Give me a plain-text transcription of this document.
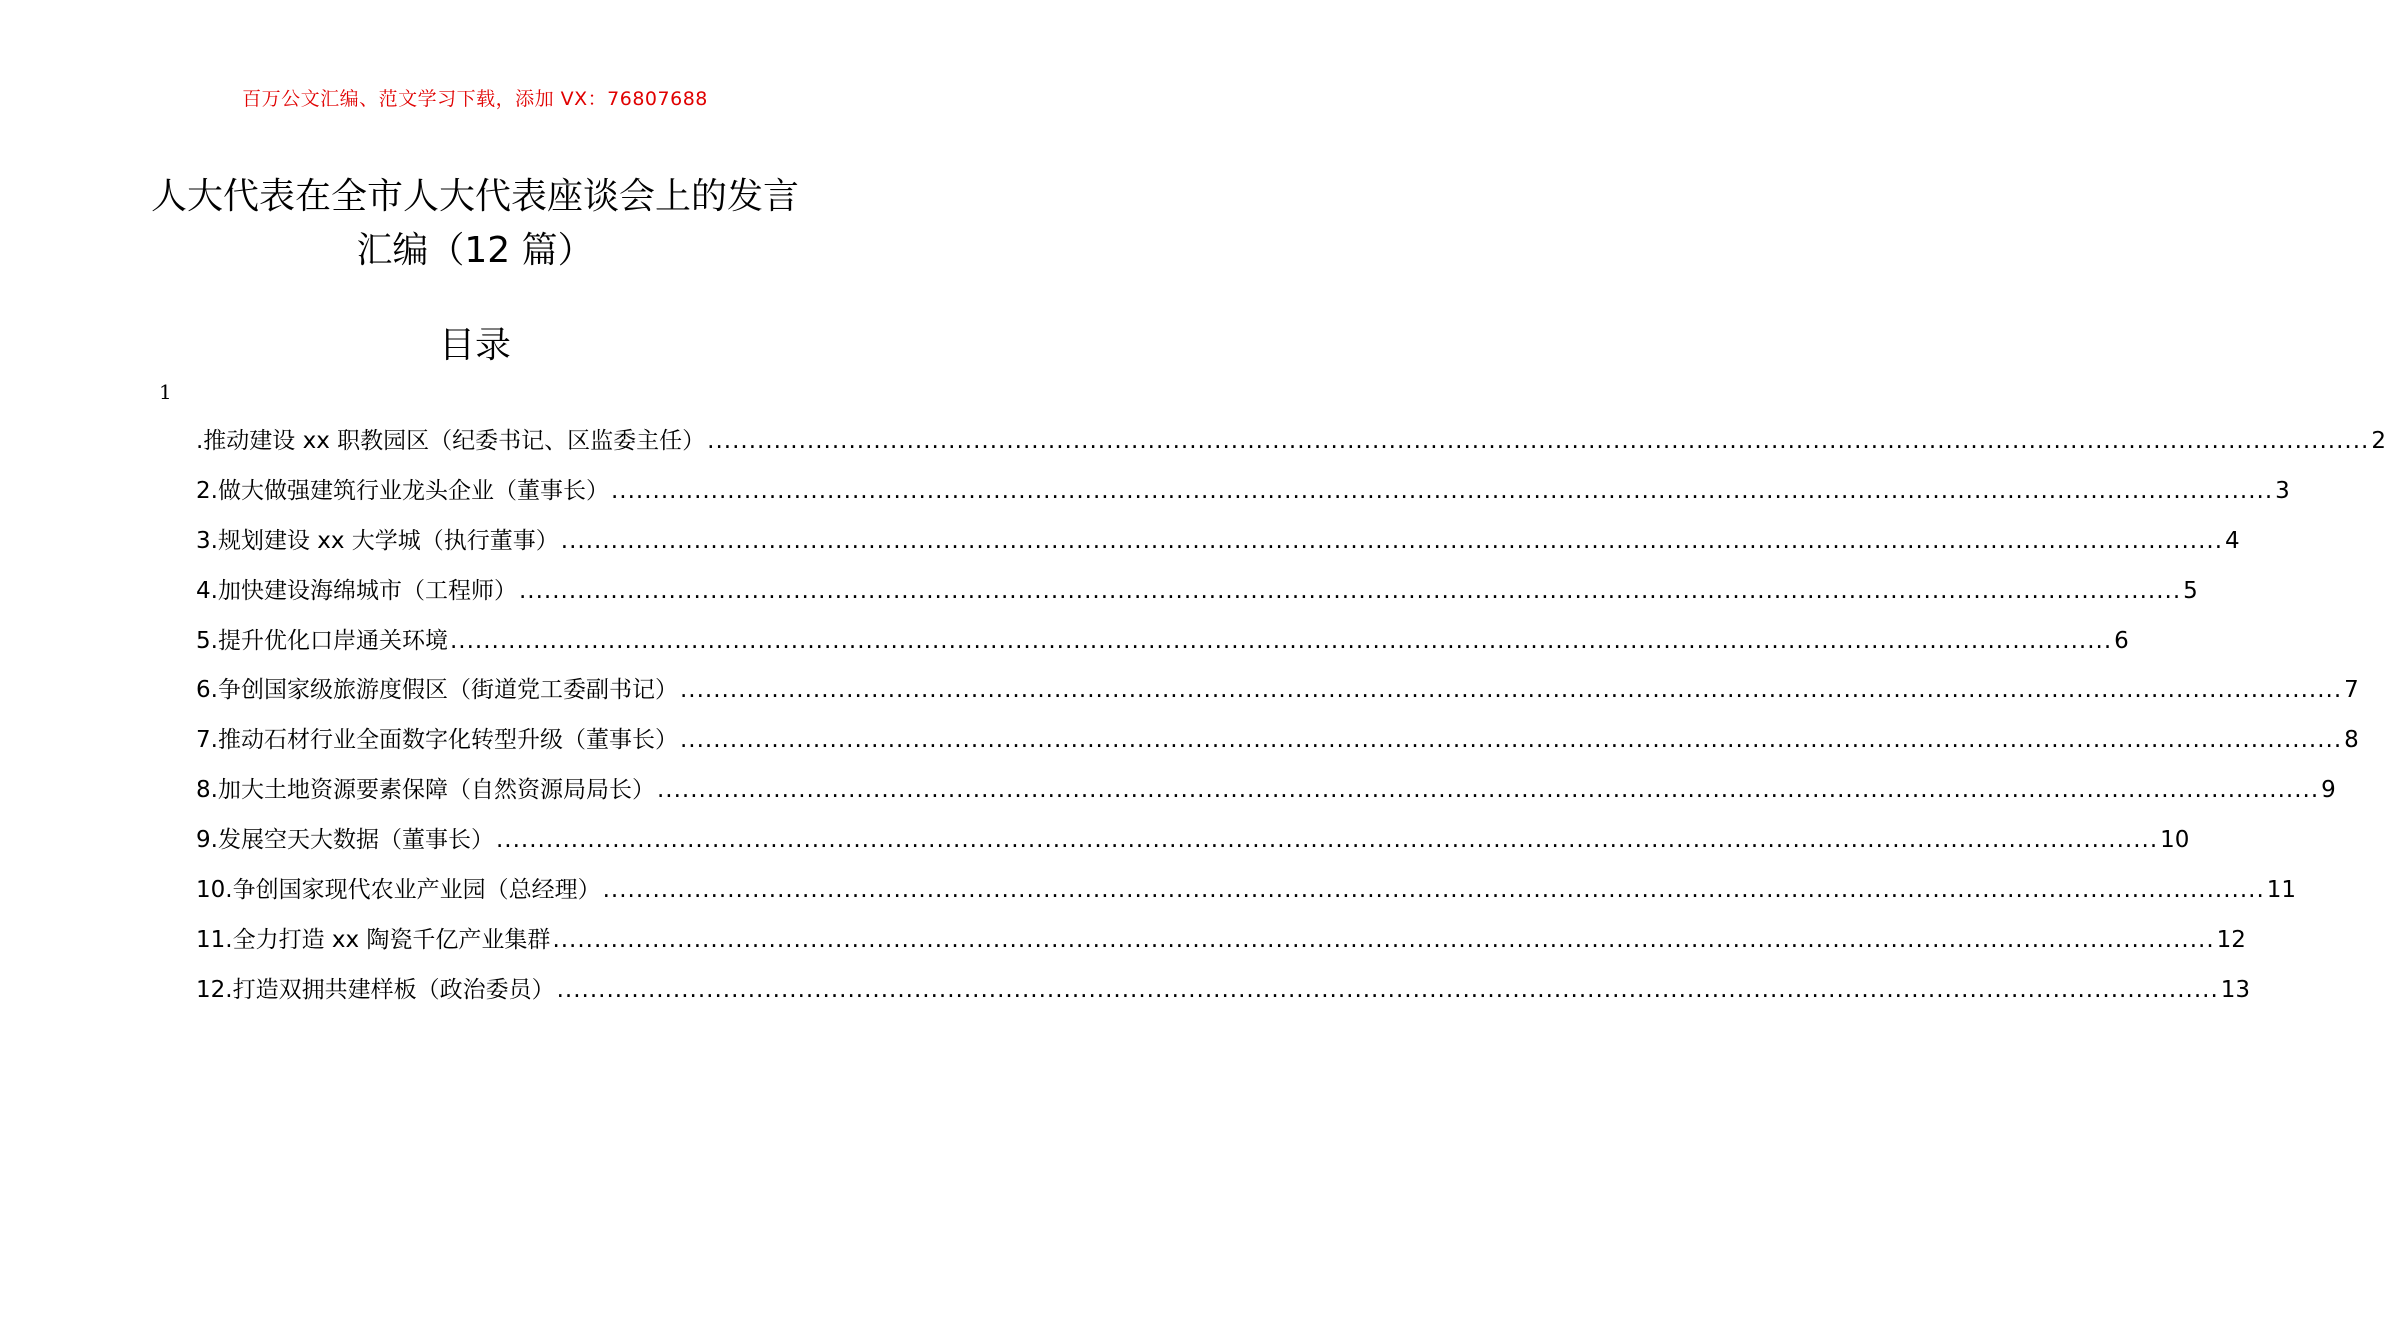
百万公文汇编、范文学习下载，添加 VX：76807688
人大代表在全市人大代表座谈会上的发言
汇编（12 篇）
目录
1
.推动建设 xx 职教园区（纪委书记、区监委主任） ........................................................................................................................................................................................................ 2
2.做大做强建筑行业龙头企业（董事长） ........................................................................................................................................................................................................ 3
3.规划建设 xx 大学城（执行董事） ........................................................................................................................................................................................................ 4
4.加快建设海绵城市（工程师） ........................................................................................................................................................................................................ 5
5.提升优化口岸通关环境 ........................................................................................................................................................................................................ 6
6.争创国家级旅游度假区（街道党工委副书记） ........................................................................................................................................................................................................ 7
7.推动石材行业全面数字化转型升级（董事长） ........................................................................................................................................................................................................ 8
8.加大土地资源要素保障（自然资源局局长） ........................................................................................................................................................................................................ 9
9.发展空天大数据（董事长） ........................................................................................................................................................................................................ 10
10.争创国家现代农业产业园（总经理） ........................................................................................................................................................................................................ 11
11.全力打造 xx 陶瓷千亿产业集群 ........................................................................................................................................................................................................ 12
12.打造双拥共建样板（政治委员） ........................................................................................................................................................................................................ 13
